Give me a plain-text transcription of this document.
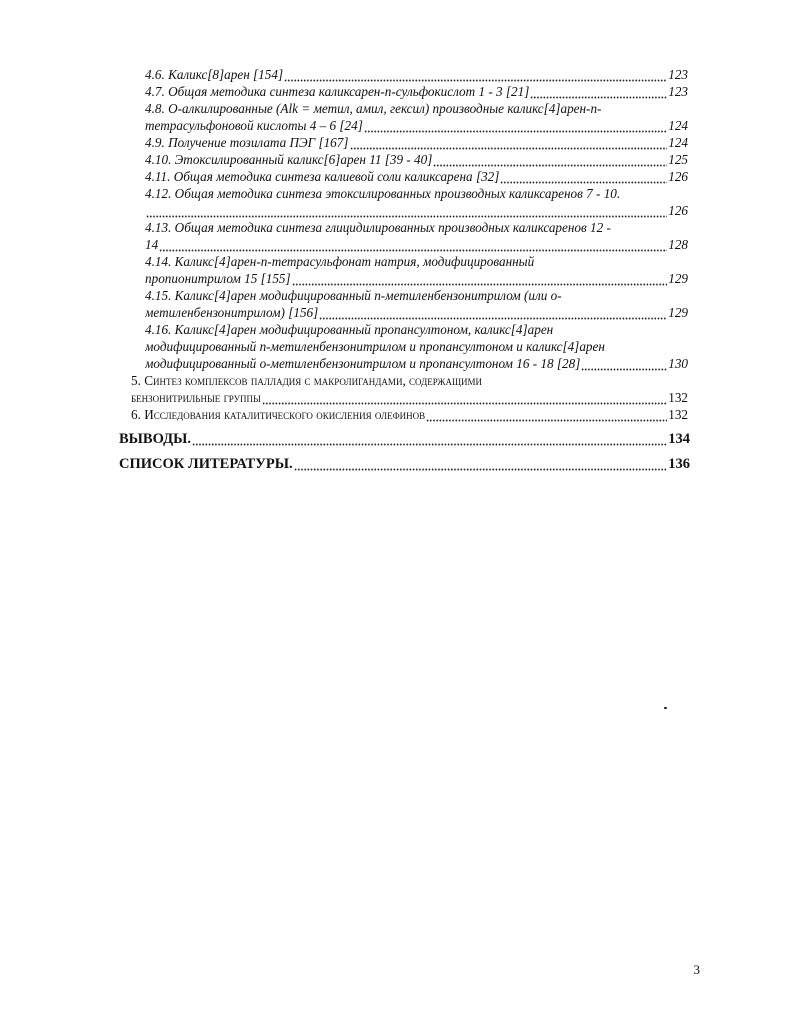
4.6. Каликс[8]арен [154]	123
4.7. Общая методика синтеза каликсарен-n-сульфокислот 1 - 3 [21]	123
4.8. О-алкилированные (Alk = метил, амил, гексил) производные каликс[4]арен-п-
тетрасульфоновой кислоты 4 – 6 [24]	124
4.9. Получение тозилата ПЭГ [167]	124
4.10. Этоксилированный каликс[6]арен 11 [39 - 40]	125
4.11. Общая методика синтеза калиевой соли каликсарена [32]	126
4.12. Общая методика синтеза этоксилированных производных каликсаренов 7 - 10.
126
4.13. Общая методика синтеза глицидилированных производных каликсаренов 12 -
14	128
4.14. Каликс[4]арен-п-тетрасульфонат натрия, модифицированный
пропионитрилом 15 [155]	129
4.15. Каликс[4]арен модифицированный п-метиленбензонитрилом (или о-
метиленбензонитрилом) [156]	129
4.16. Каликс[4]арен модифицированный пропансултоном, каликс[4]арен
модифицированный п-метиленбензонитрилом и пропансултоном и каликс[4]арен
модифицированный о-метиленбензонитрилом и пропансултоном 16 - 18 [28]	130
5. Синтез комплексов палладия с макролигандами, содержащими
бензонитрильные группы	132
6. Исследования каталитического окисления олефинов	132
ВЫВОДЫ.	134
СПИСОК ЛИТЕРАТУРЫ.	136
3
